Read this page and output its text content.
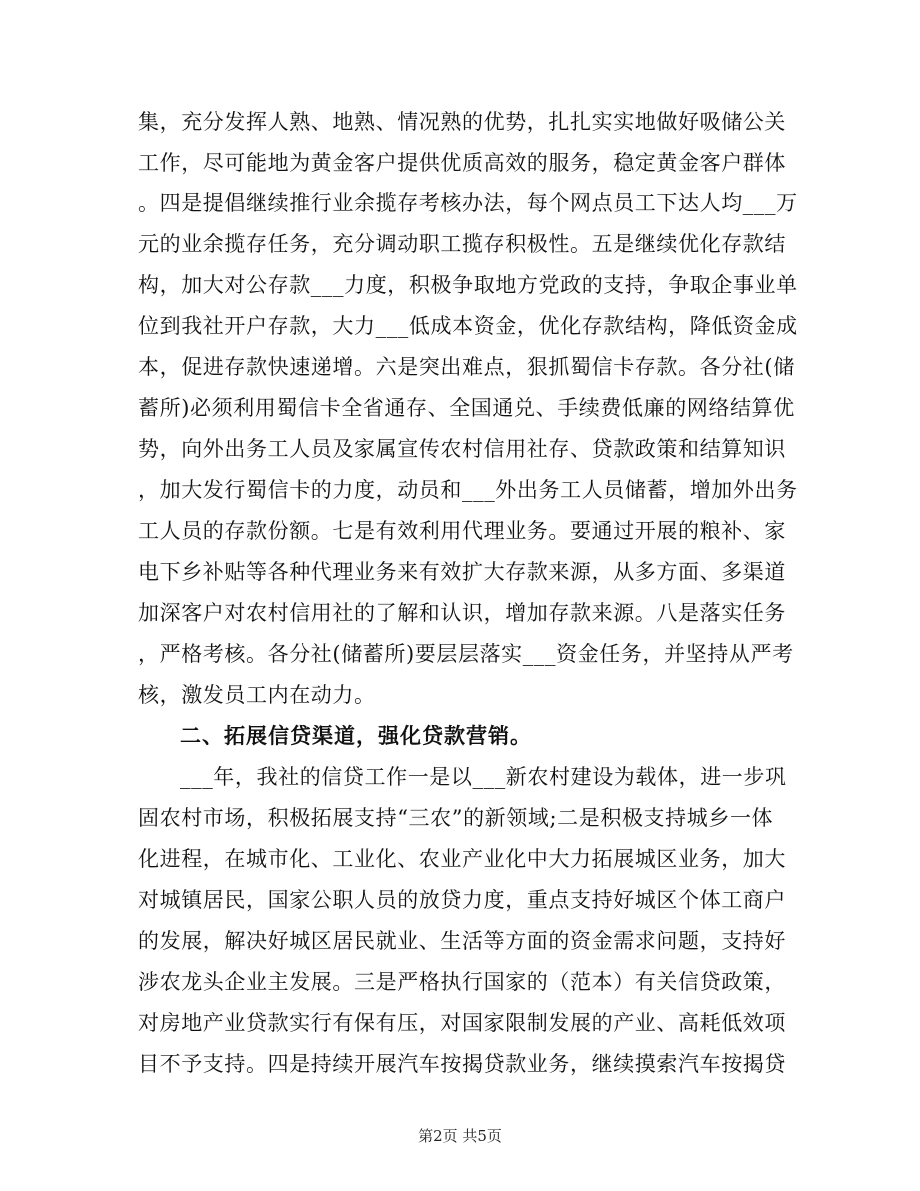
集，充分发挥人熟、地熟、情况熟的优势，扎扎实实地做好吸储公关
工作，尽可能地为黄金客户提供优质高效的服务，稳定黄金客户群体
。四是提倡继续推行业余揽存考核办法，每个网点员工下达人均___万
元的业余揽存任务，充分调动职工揽存积极性。五是继续优化存款结
构，加大对公存款___力度，积极争取地方党政的支持，争取企事业单
位到我社开户存款，大力___低成本资金，优化存款结构，降低资金成
本，促进存款快速递增。六是突出难点，狠抓蜀信卡存款。各分社(储
蓄所)必须利用蜀信卡全省通存、全国通兑、手续费低廉的网络结算优
势，向外出务工人员及家属宣传农村信用社存、贷款政策和结算知识
，加大发行蜀信卡的力度，动员和___外出务工人员储蓄，增加外出务
工人员的存款份额。七是有效利用代理业务。要通过开展的粮补、家
电下乡补贴等各种代理业务来有效扩大存款来源，从多方面、多渠道
加深客户对农村信用社的了解和认识，增加存款来源。八是落实任务
，严格考核。各分社(储蓄所)要层层落实___资金任务，并坚持从严考
核，激发员工内在动力。
二、拓展信贷渠道，强化贷款营销。
___年，我社的信贷工作一是以___新农村建设为载体，进一步巩
固农村市场，积极拓展支持“三农”的新领域;二是积极支持城乡一体
化进程，在城市化、工业化、农业产业化中大力拓展城区业务，加大
对城镇居民，国家公职人员的放贷力度，重点支持好城区个体工商户
的发展，解决好城区居民就业、生活等方面的资金需求问题，支持好
涉农龙头企业主发展。三是严格执行国家的（范本）有关信贷政策，
对房地产业贷款实行有保有压，对国家限制发展的产业、高耗低效项
目不予支持。四是持续开展汽车按揭贷款业务，继续摸索汽车按揭贷
第2页 共5页
